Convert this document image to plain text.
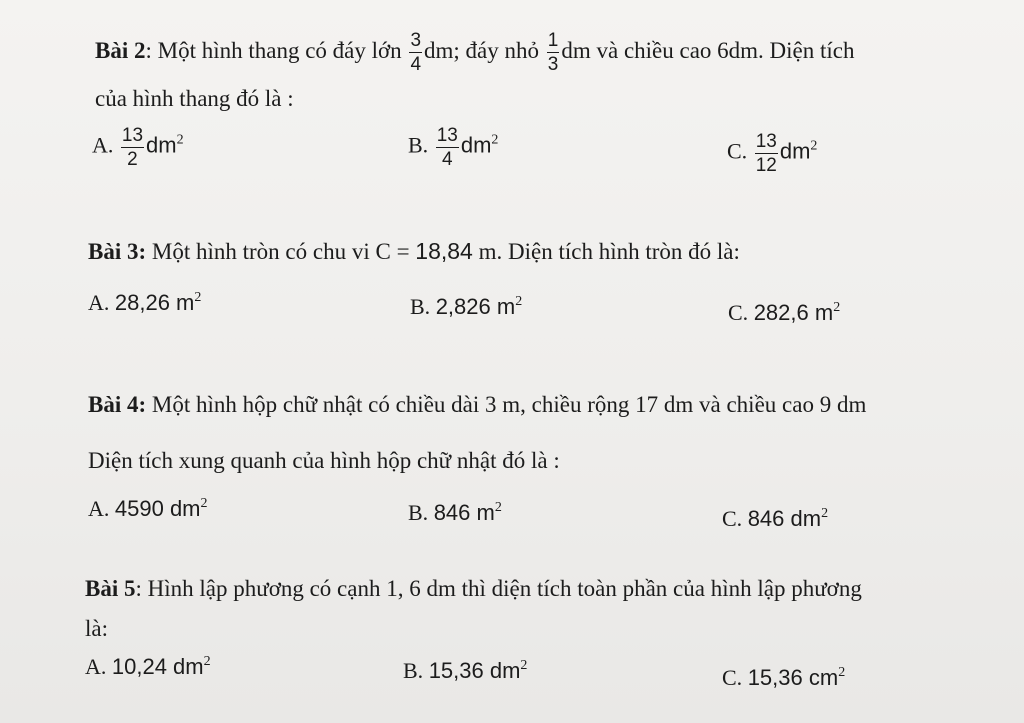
Bài 2: Một hình thang có đáy lớn $\frac{3}{4}$ dm; đáy nhỏ $\frac{1}{3}$ dm và chiều cao 6dm. Diện tích
của hình thang đó là :
A. $\frac{13}{2} dm^2$	B. $\frac{13}{4} dm^2$	C. $\frac{13}{12} dm^2$
Bài 3: Một hình tròn có chu vi C = 18,84 m. Diện tích hình tròn đó là:
A. 28,26 $m^2$	B. 2,826 $m^2$	C. 282,6 $m^2$
Bài 4: Một hình hộp chữ nhật có chiều dài 3 m, chiều rộng 17 dm và chiều cao 9 dm
Diện tích xung quanh của hình hộp chữ nhật đó là :
A. 4590 $dm^2$	B. 846 $m^2$	C. 846 $dm^2$
Bài 5: Hình lập phương có cạnh 1, 6 dm thì diện tích toàn phần của hình lập phương
là:
A. 10,24 $dm^2$	B. 15,36 $dm^2$	C. 15,36 $cm^2$
